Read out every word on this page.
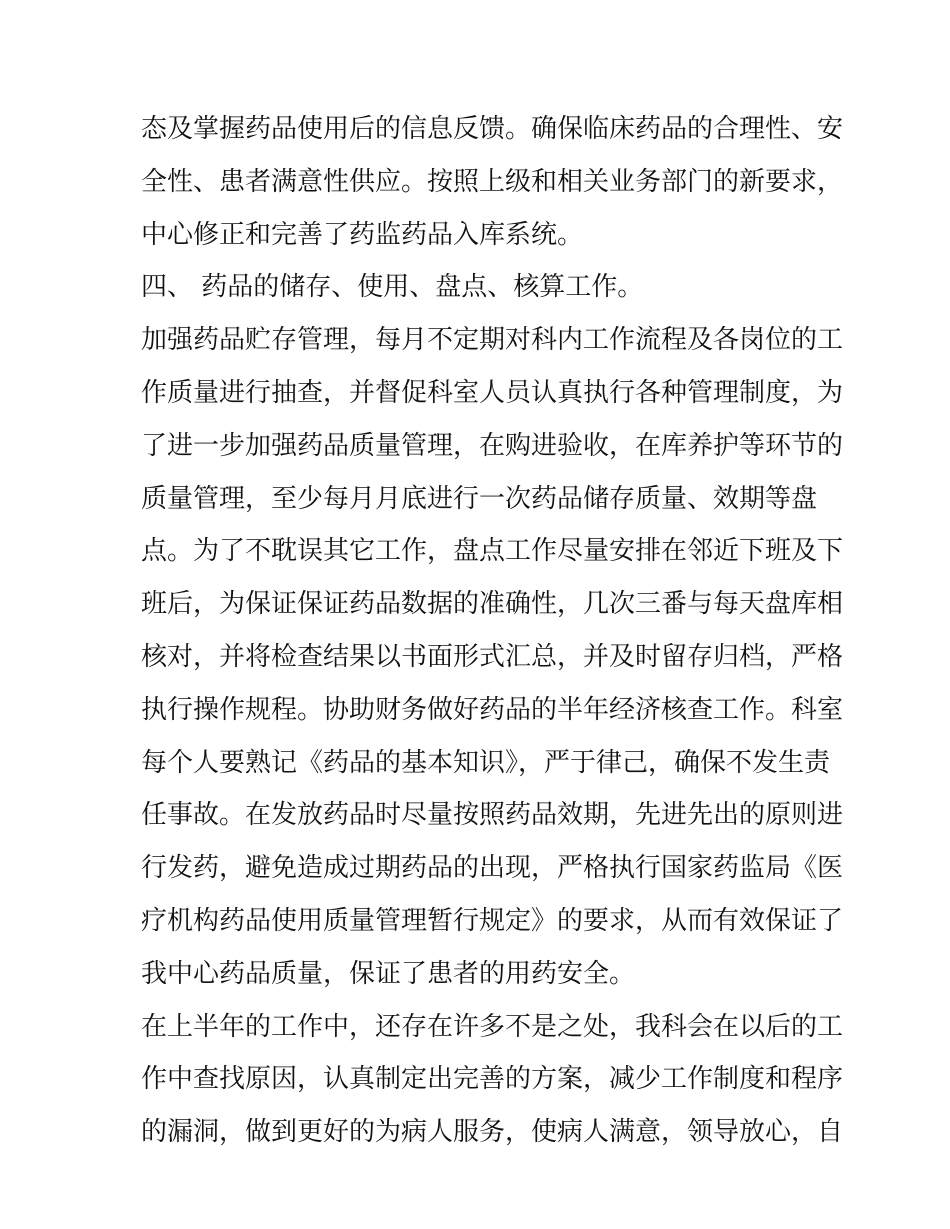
态及掌握药品使用后的信息反馈。确保临床药品的合理性、安
全性、患者满意性供应。按照上级和相关业务部门的新要求，
中心修正和完善了药监药品入库系统。
四、 药品的储存、使用、盘点、核算工作。
加强药品贮存管理，每月不定期对科内工作流程及各岗位的工
作质量进行抽查，并督促科室人员认真执行各种管理制度，为
了进一步加强药品质量管理，在购进验收，在库养护等环节的
质量管理，至少每月月底进行一次药品储存质量、效期等盘
点。为了不耽误其它工作，盘点工作尽量安排在邻近下班及下
班后，为保证保证药品数据的准确性，几次三番与每天盘库相
核对，并将检查结果以书面形式汇总，并及时留存归档，严格
执行操作规程。协助财务做好药品的半年经济核查工作。科室
每个人要熟记《药品的基本知识》，严于律己，确保不发生责
任事故。在发放药品时尽量按照药品效期，先进先出的原则进
行发药，避免造成过期药品的出现，严格执行国家药监局《医
疗机构药品使用质量管理暂行规定》的要求，从而有效保证了
我中心药品质量，保证了患者的用药安全。
在上半年的工作中，还存在许多不是之处，我科会在以后的工
作中查找原因，认真制定出完善的方案，减少工作制度和程序
的漏洞，做到更好的为病人服务，使病人满意，领导放心，自
